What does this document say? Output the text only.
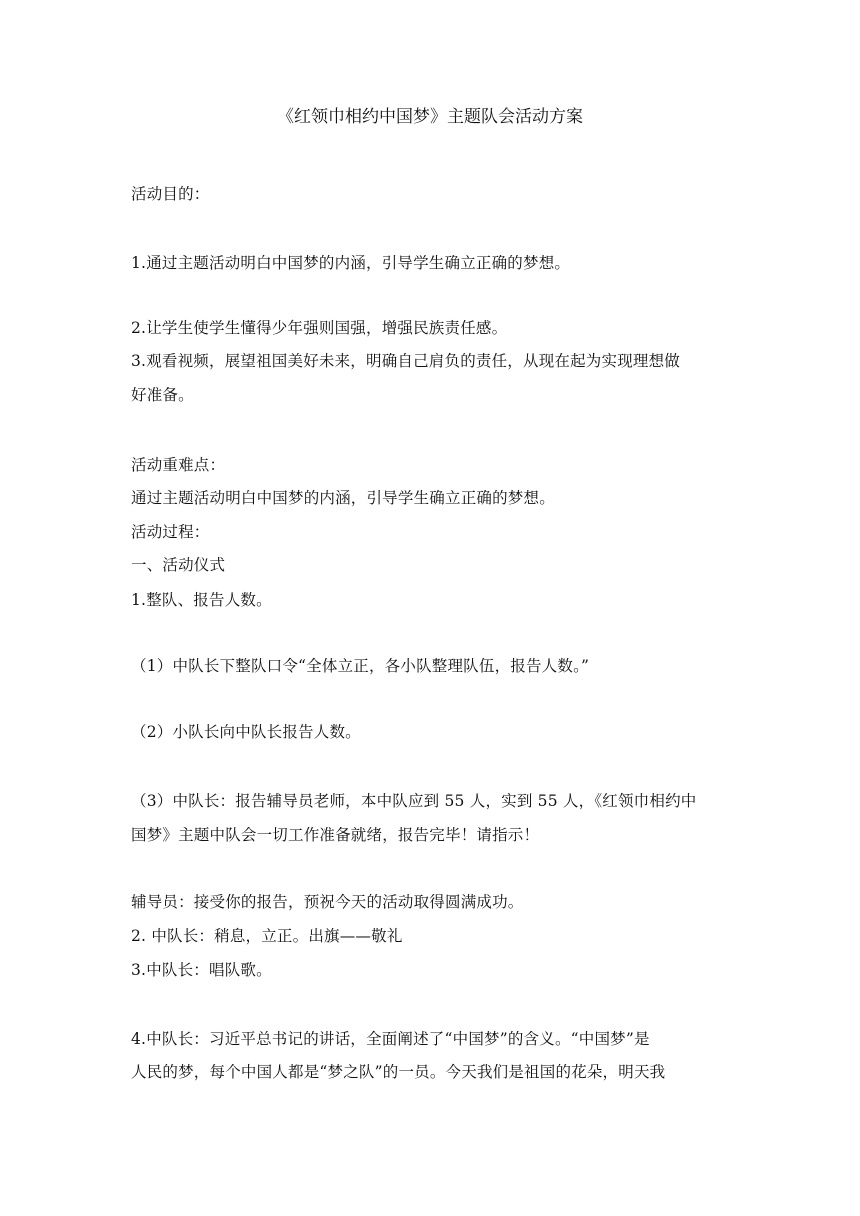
《红领巾相约中国梦》主题队会活动方案
活动目的：
1.通过主题活动明白中国梦的内涵，引导学生确立正确的梦想。
2.让学生使学生懂得少年强则国强，增强民族责任感。
3.观看视频，展望祖国美好未来，明确自己肩负的责任，从现在起为实现理想做
好准备。
活动重难点：
通过主题活动明白中国梦的内涵，引导学生确立正确的梦想。
活动过程：
一、活动仪式
1.整队、报告人数。
（1）中队长下整队口令“全体立正，各小队整理队伍，报告人数。”
（2）小队长向中队长报告人数。
（3）中队长：报告辅导员老师，本中队应到 55 人，实到 55 人，《红领巾相约中
国梦》主题中队会一切工作准备就绪，报告完毕！请指示！
辅导员：接受你的报告，预祝今天的活动取得圆满成功。
2. 中队长：稍息，立正。出旗——敬礼
3.中队长：唱队歌。
4.中队长：习近平总书记的讲话，全面阐述了“中国梦”的含义。“中国梦”是
人民的梦，每个中国人都是“梦之队”的一员。今天我们是祖国的花朵，明天我
